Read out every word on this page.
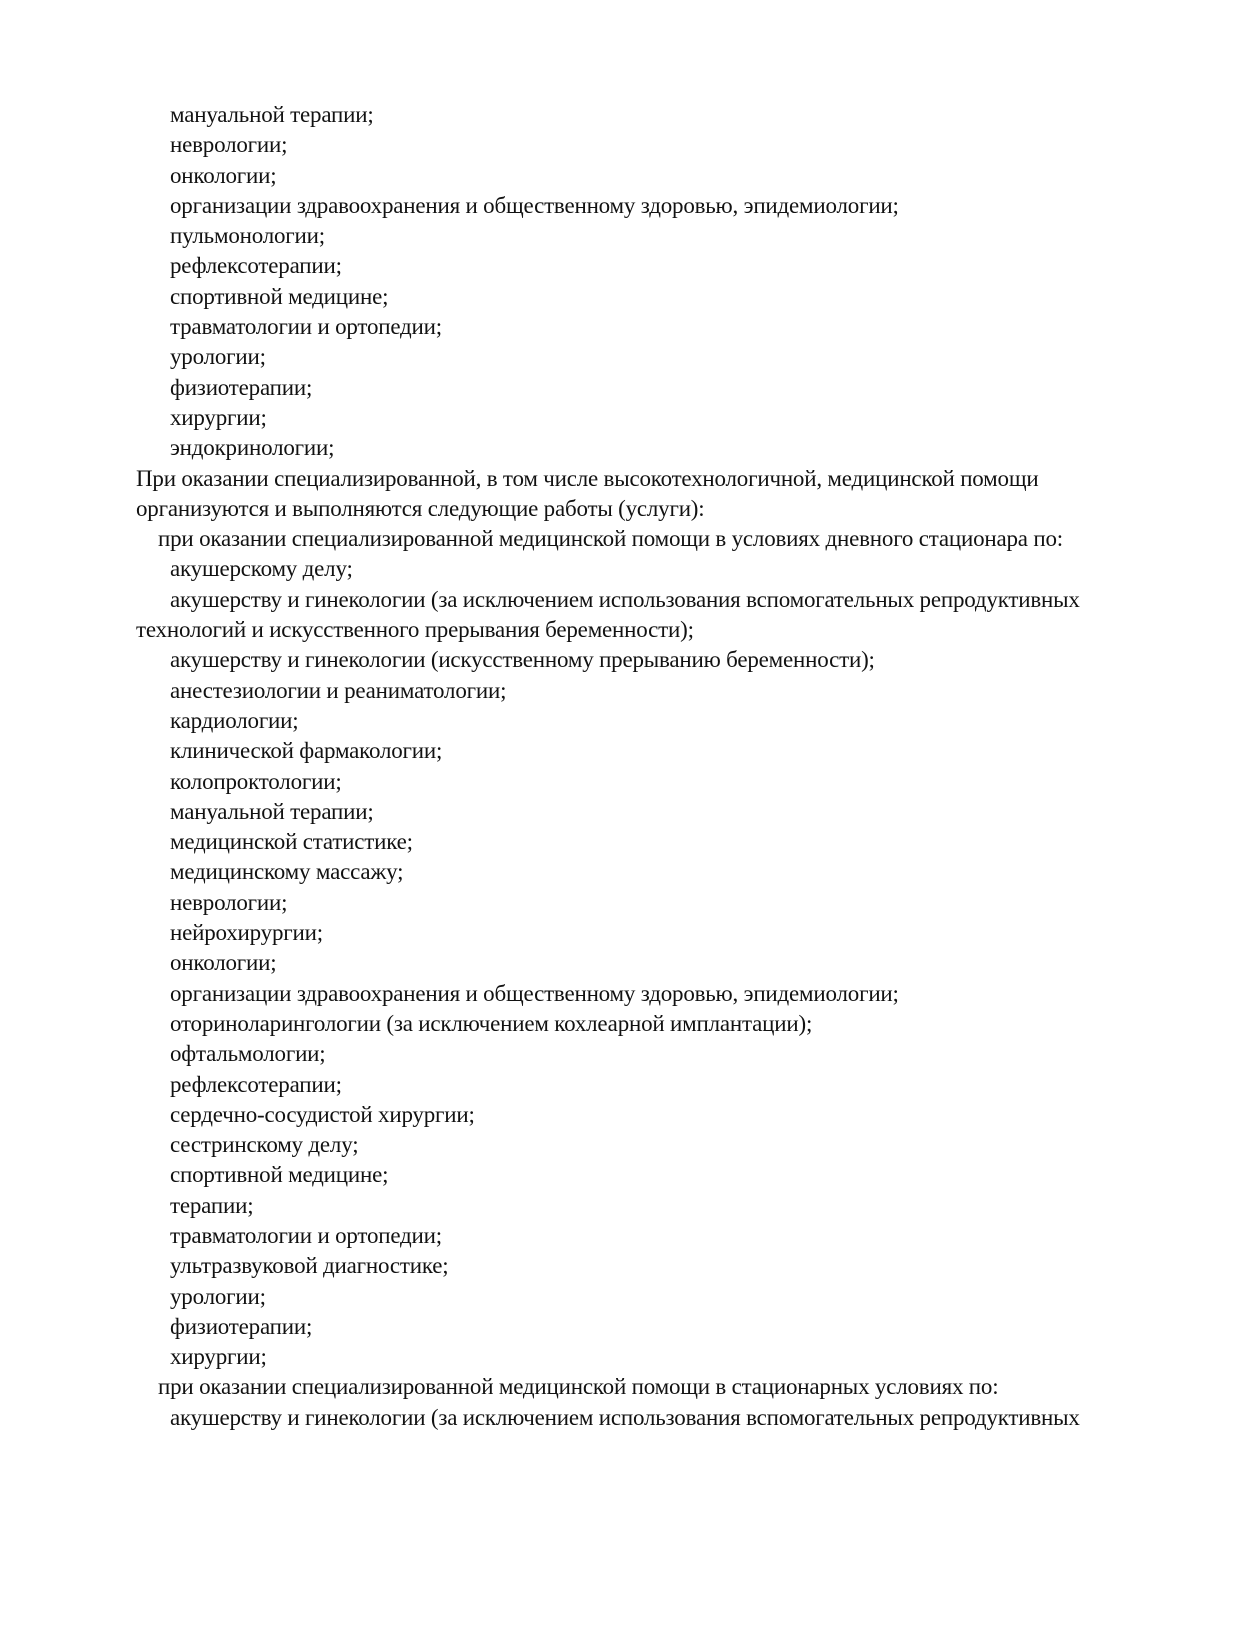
мануальной терапии;
неврологии;
онкологии;
организации здравоохранения и общественному здоровью, эпидемиологии;
пульмонологии;
рефлексотерапии;
спортивной медицине;
травматологии и ортопедии;
урологии;
физиотерапии;
хирургии;
эндокринологии;
При оказании специализированной, в том числе высокотехнологичной, медицинской помощи
организуются и выполняются следующие работы (услуги):
при оказании специализированной медицинской помощи в условиях дневного стационара по:
акушерскому делу;
акушерству и гинекологии (за исключением использования вспомогательных репродуктивных
технологий и искусственного прерывания беременности);
акушерству и гинекологии (искусственному прерыванию беременности);
анестезиологии и реаниматологии;
кардиологии;
клинической фармакологии;
колопроктологии;
мануальной терапии;
медицинской статистике;
медицинскому массажу;
неврологии;
нейрохирургии;
онкологии;
организации здравоохранения и общественному здоровью, эпидемиологии;
оториноларингологии (за исключением кохлеарной имплантации);
офтальмологии;
рефлексотерапии;
сердечно-сосудистой хирургии;
сестринскому делу;
спортивной медицине;
терапии;
травматологии и ортопедии;
ультразвуковой диагностике;
урологии;
физиотерапии;
хирургии;
при оказании специализированной медицинской помощи в стационарных условиях по:
акушерству и гинекологии (за исключением использования вспомогательных репродуктивных
